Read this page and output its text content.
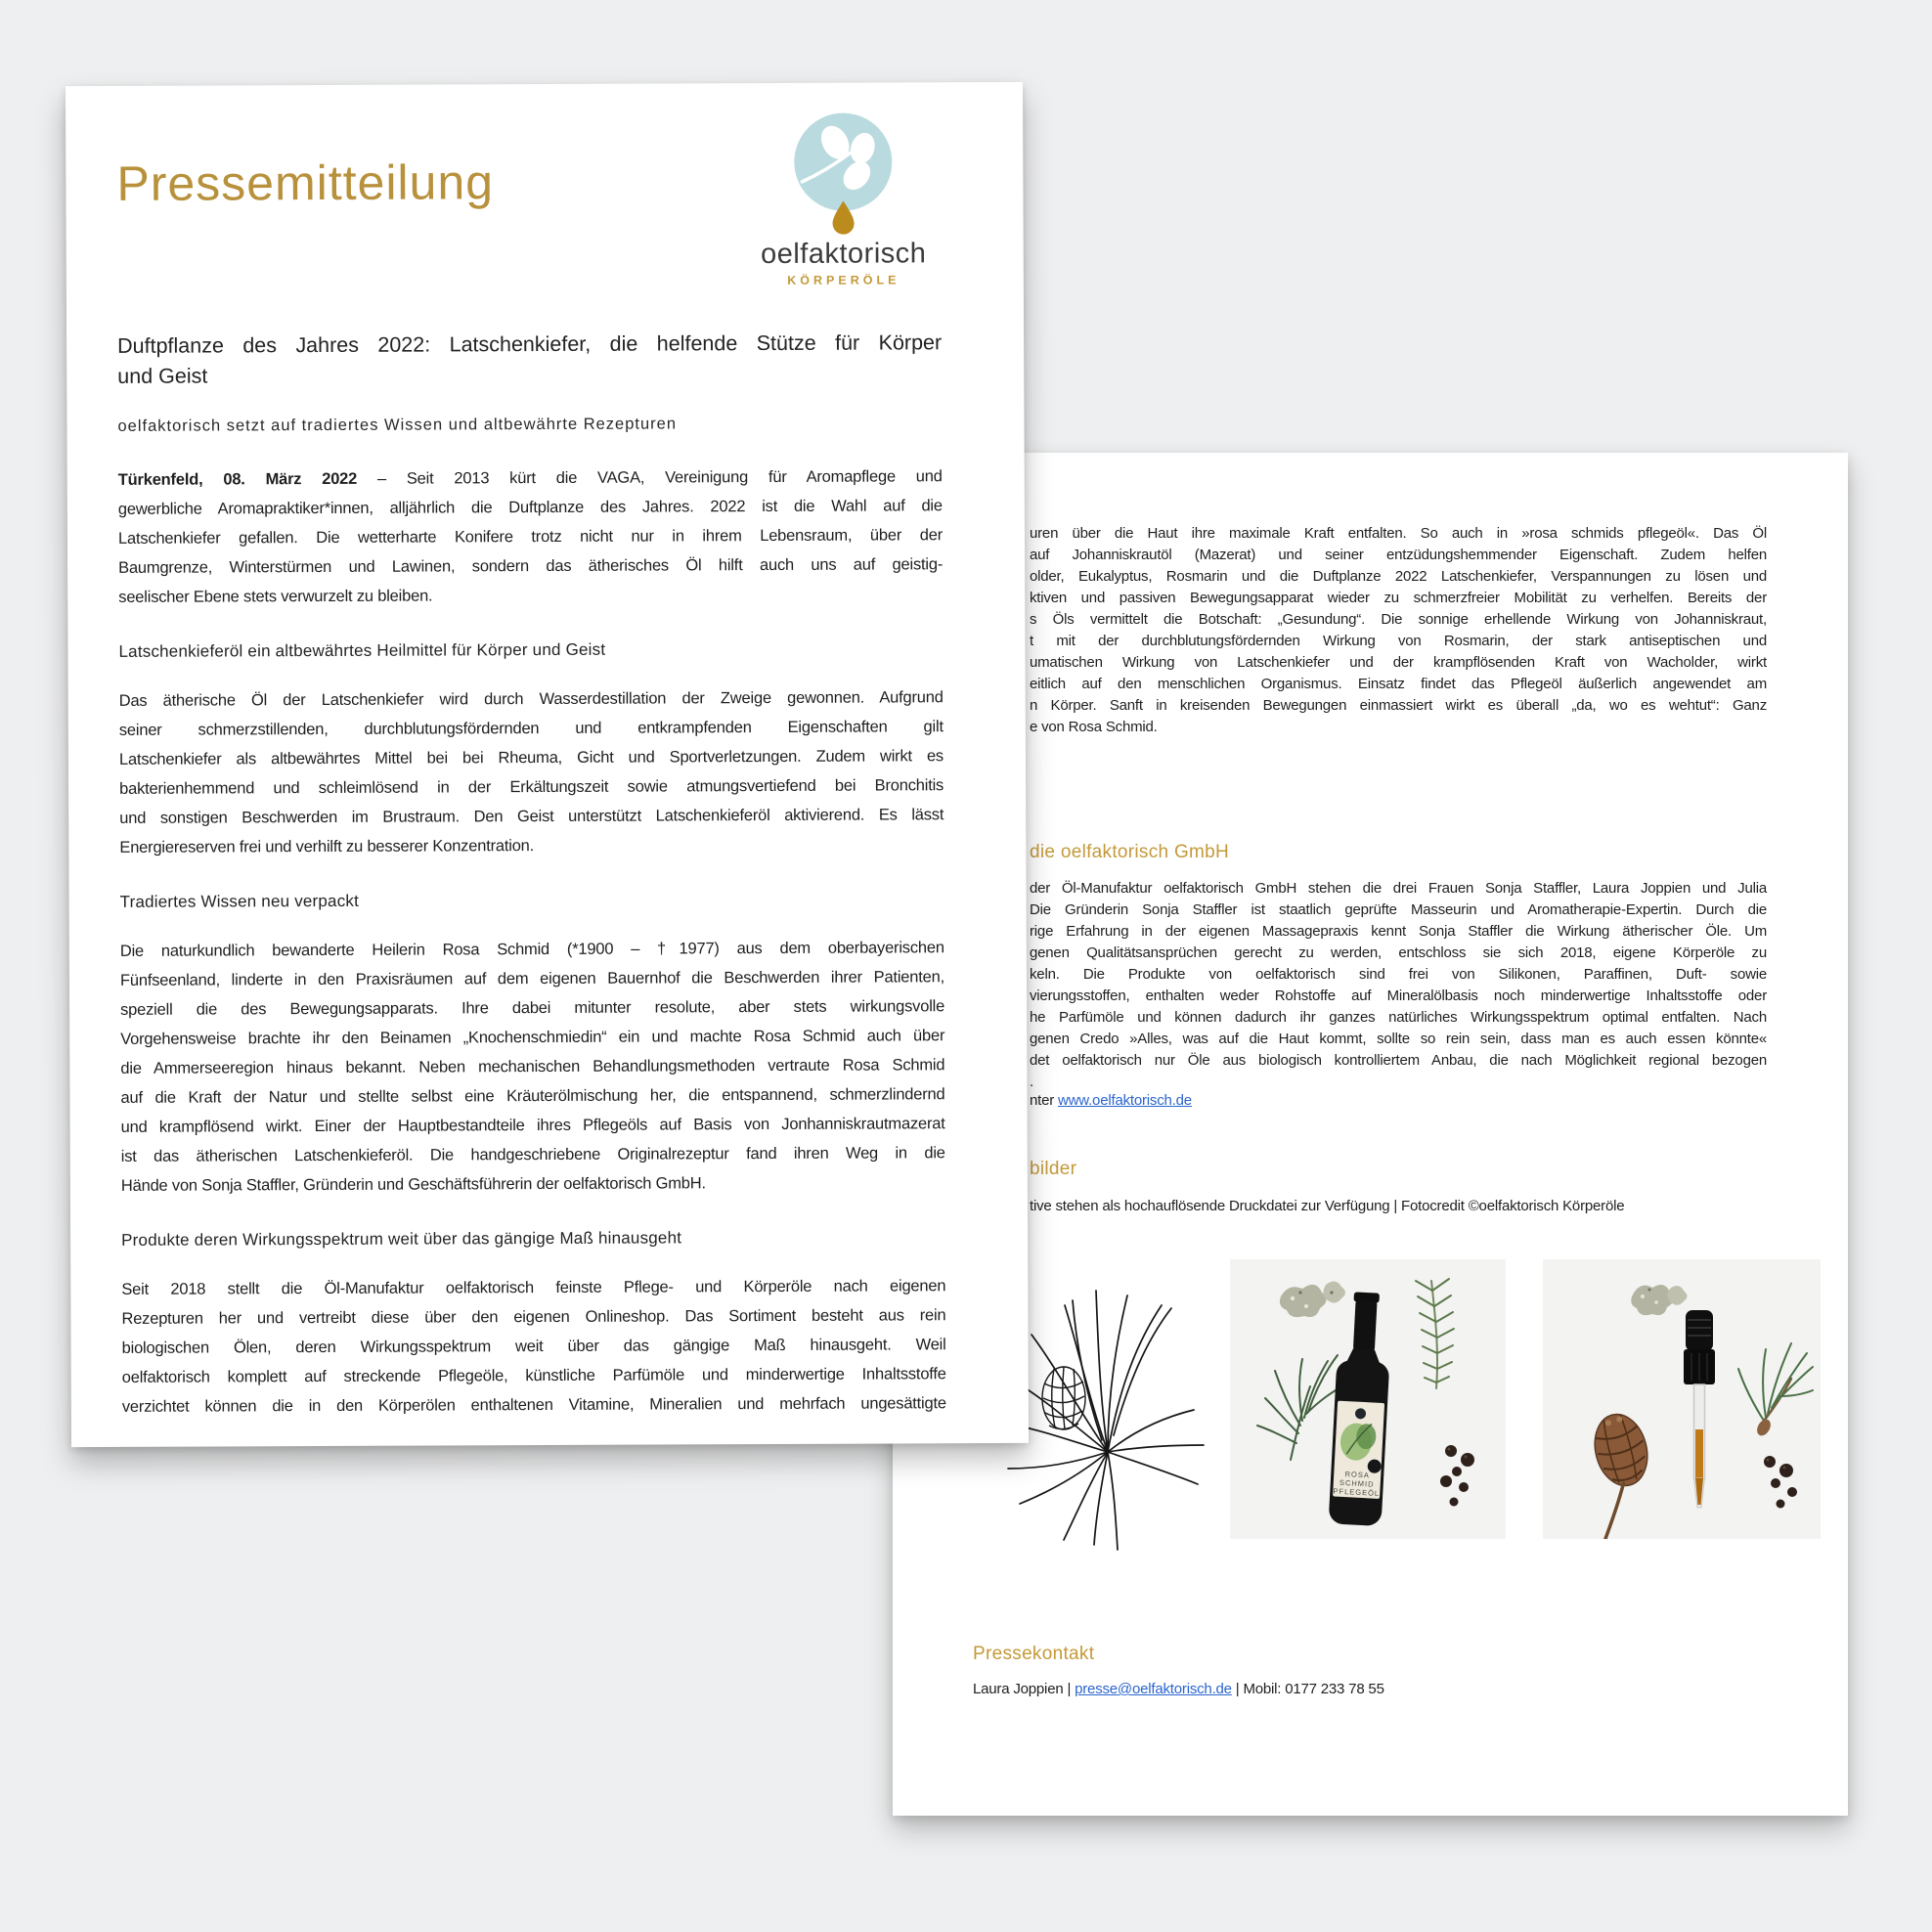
uren über die Haut ihre maximale Kraft entfalten. So auch in »rosa schmids pflegeöl«. Das Öl
auf Johanniskrautöl (Mazerat) und seiner entzüdungshemmender Eigenschaft. Zudem helfen
older, Eukalyptus, Rosmarin und die Duftplanze 2022 Latschenkiefer, Verspannungen zu lösen und
ktiven und passiven Bewegungsapparat wieder zu schmerzfreier Mobilität zu verhelfen. Bereits der
s Öls vermittelt die Botschaft: „Gesundung“. Die sonnige erhellende Wirkung von Johanniskraut,
t mit der durchblutungsfördernden Wirkung von Rosmarin, der stark antiseptischen und
umatischen Wirkung von Latschenkiefer und der krampflösenden Kraft von Wacholder, wirkt
eitlich auf den menschlichen Organismus. Einsatz findet das Pflegeöl äußerlich angewendet am
n Körper. Sanft in kreisenden Bewegungen einmassiert wirkt es überall „da, wo es wehtut“: Ganz
e von Rosa Schmid.
die oelfaktorisch GmbH
der Öl-Manufaktur oelfaktorisch GmbH stehen die drei Frauen Sonja Staffler, Laura Joppien und Julia
Die Gründerin Sonja Staffler ist staatlich geprüfte Masseurin und Aromatherapie-Expertin. Durch die
rige Erfahrung in der eigenen Massagepraxis kennt Sonja Staffler die Wirkung ätherischer Öle. Um
genen Qualitätsansprüchen gerecht zu werden, entschloss sie sich 2018, eigene Körperöle zu
keln. Die Produkte von oelfaktorisch sind frei von Silikonen, Paraffinen, Duft- sowie
vierungsstoffen, enthalten weder Rohstoffe auf Mineralölbasis noch minderwertige Inhaltsstoffe oder
he Parfümöle und können dadurch ihr ganzes natürliches Wirkungsspektrum optimal entfalten. Nach
genen Credo »Alles, was auf die Haut kommt, sollte so rein sein, dass man es auch essen könnte«
det oelfaktorisch nur Öle aus biologisch kontrolliertem Anbau, die nach Möglichkeit regional bezogen
.
nter www.oelfaktorisch.de
bilder
tive stehen als hochauflösende Druckdatei zur Verfügung | Fotocredit ©oelfaktorisch Körperöle
ROSA
SCHMID
PFLEGEÖL
Pressekontakt
Laura Joppien | presse@oelfaktorisch.de | Mobil: 0177 233 78 55
Pressemitteilung
oelfaktorisch
KÖRPERÖLE
Duftpflanze des Jahres 2022: Latschenkiefer, die helfende Stütze für Körper
und Geist
oelfaktorisch setzt auf tradiertes Wissen und altbewährte Rezepturen
Türkenfeld, 08. März 2022 – Seit 2013 kürt die VAGA, Vereinigung für Aromapflege und
gewerbliche Aromapraktiker*innen, alljährlich die Duftplanze des Jahres. 2022 ist die Wahl auf die
Latschenkiefer gefallen. Die wetterharte Konifere trotz nicht nur in ihrem Lebensraum, über der
Baumgrenze, Winterstürmen und Lawinen, sondern das ätherisches Öl hilft auch uns auf geistig-
seelischer Ebene stets verwurzelt zu bleiben.
Latschenkieferöl ein altbewährtes Heilmittel für Körper und Geist
Das ätherische Öl der Latschenkiefer wird durch Wasserdestillation der Zweige gewonnen. Aufgrund
seiner schmerzstillenden, durchblutungsfördernden und entkrampfenden Eigenschaften gilt
Latschenkiefer als altbewährtes Mittel bei bei Rheuma, Gicht und Sportverletzungen. Zudem wirkt es
bakterienhemmend und schleimlösend in der Erkältungszeit sowie atmungsvertiefend bei Bronchitis
und sonstigen Beschwerden im Brustraum. Den Geist unterstützt Latschenkieferöl aktivierend. Es lässt
Energiereserven frei und verhilft zu besserer Konzentration.
Tradiertes Wissen neu verpackt
Die naturkundlich bewanderte Heilerin Rosa Schmid (*1900 – †1977) aus dem oberbayerischen
Fünfseenland, linderte in den Praxisräumen auf dem eigenen Bauernhof die Beschwerden ihrer Patienten,
speziell die des Bewegungsapparats. Ihre dabei mitunter resolute, aber stets wirkungsvolle
Vorgehensweise brachte ihr den Beinamen „Knochenschmiedin“ ein und machte Rosa Schmid auch über
die Ammerseeregion hinaus bekannt. Neben mechanischen Behandlungsmethoden vertraute Rosa Schmid
auf die Kraft der Natur und stellte selbst eine Kräuterölmischung her, die entspannend, schmerzlindernd
und krampflösend wirkt. Einer der Hauptbestandteile ihres Pflegeöls auf Basis von Jonhanniskrautmazerat
ist das ätherischen Latschenkieferöl. Die handgeschriebene Originalrezeptur fand ihren Weg in die
Hände von Sonja Staffler, Gründerin und Geschäftsführerin der oelfaktorisch GmbH.
Produkte deren Wirkungsspektrum weit über das gängige Maß hinausgeht
Seit 2018 stellt die Öl-Manufaktur oelfaktorisch feinste Pflege- und Körperöle nach eigenen
Rezepturen her und vertreibt diese über den eigenen Onlineshop. Das Sortiment besteht aus rein
biologischen Ölen, deren Wirkungsspektrum weit über das gängige Maß hinausgeht. Weil
oelfaktorisch komplett auf streckende Pflegeöle, künstliche Parfümöle und minderwertige Inhaltsstoffe
verzichtet können die in den Körperölen enthaltenen Vitamine, Mineralien und mehrfach ungesättigte
